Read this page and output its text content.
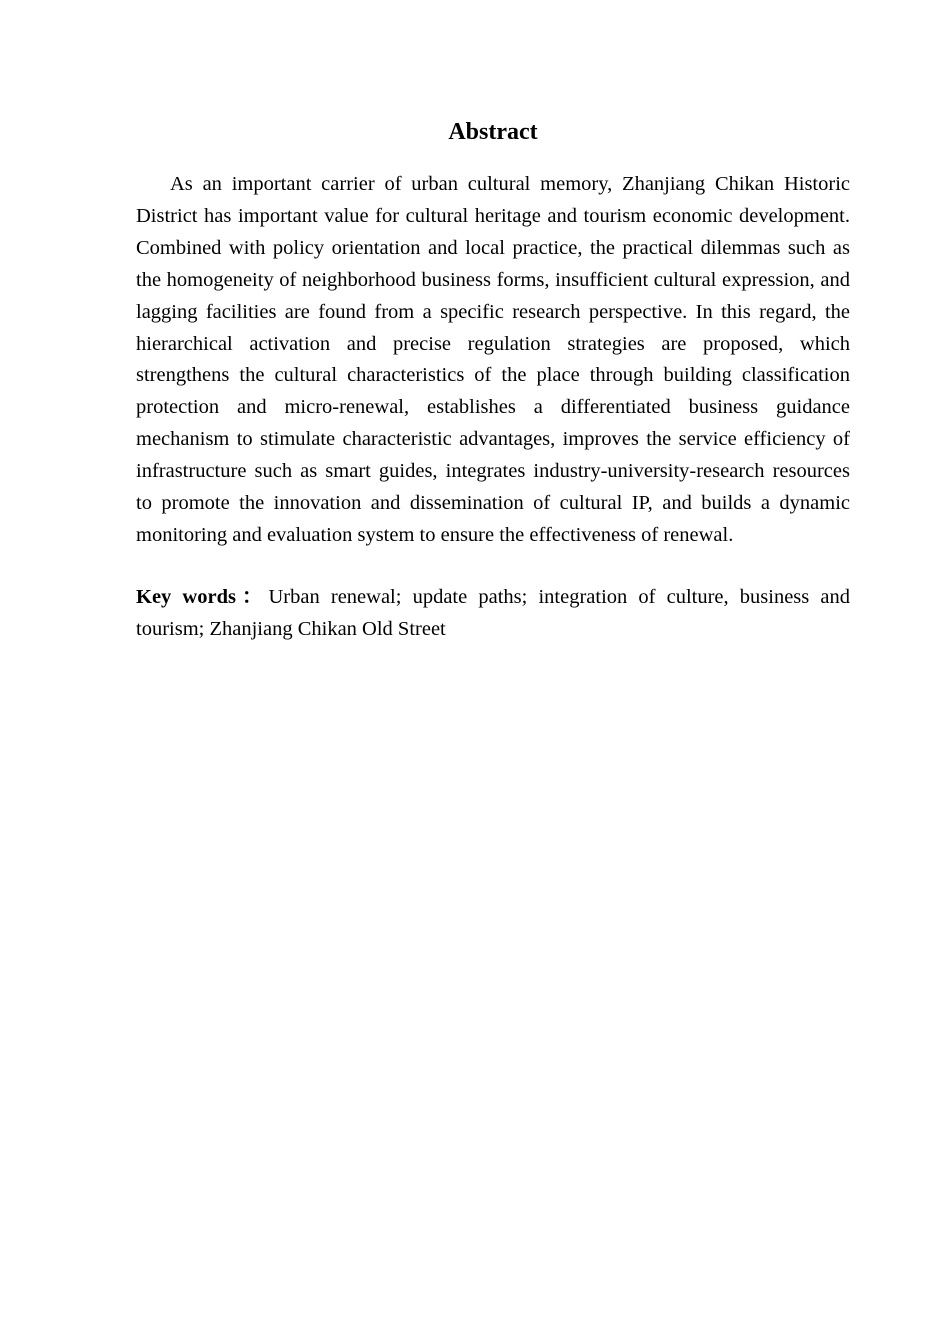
Abstract

As an important carrier of urban cultural memory, Zhanjiang Chikan Historic District has important value for cultural heritage and tourism economic development. Combined with policy orientation and local practice, the practical dilemmas such as the homogeneity of neighborhood business forms, insufficient cultural expression, and lagging facilities are found from a specific research perspective. In this regard, the hierarchical activation and precise regulation strategies are proposed, which strengthens the cultural characteristics of the place through building classification protection and micro-renewal, establishes a differentiated business guidance mechanism to stimulate characteristic advantages, improves the service efficiency of infrastructure such as smart guides, integrates industry-university-research resources to promote the innovation and dissemination of cultural IP, and builds a dynamic monitoring and evaluation system to ensure the effectiveness of renewal.

Key words：Urban renewal; update paths; integration of culture, business and tourism; Zhanjiang Chikan Old Street
